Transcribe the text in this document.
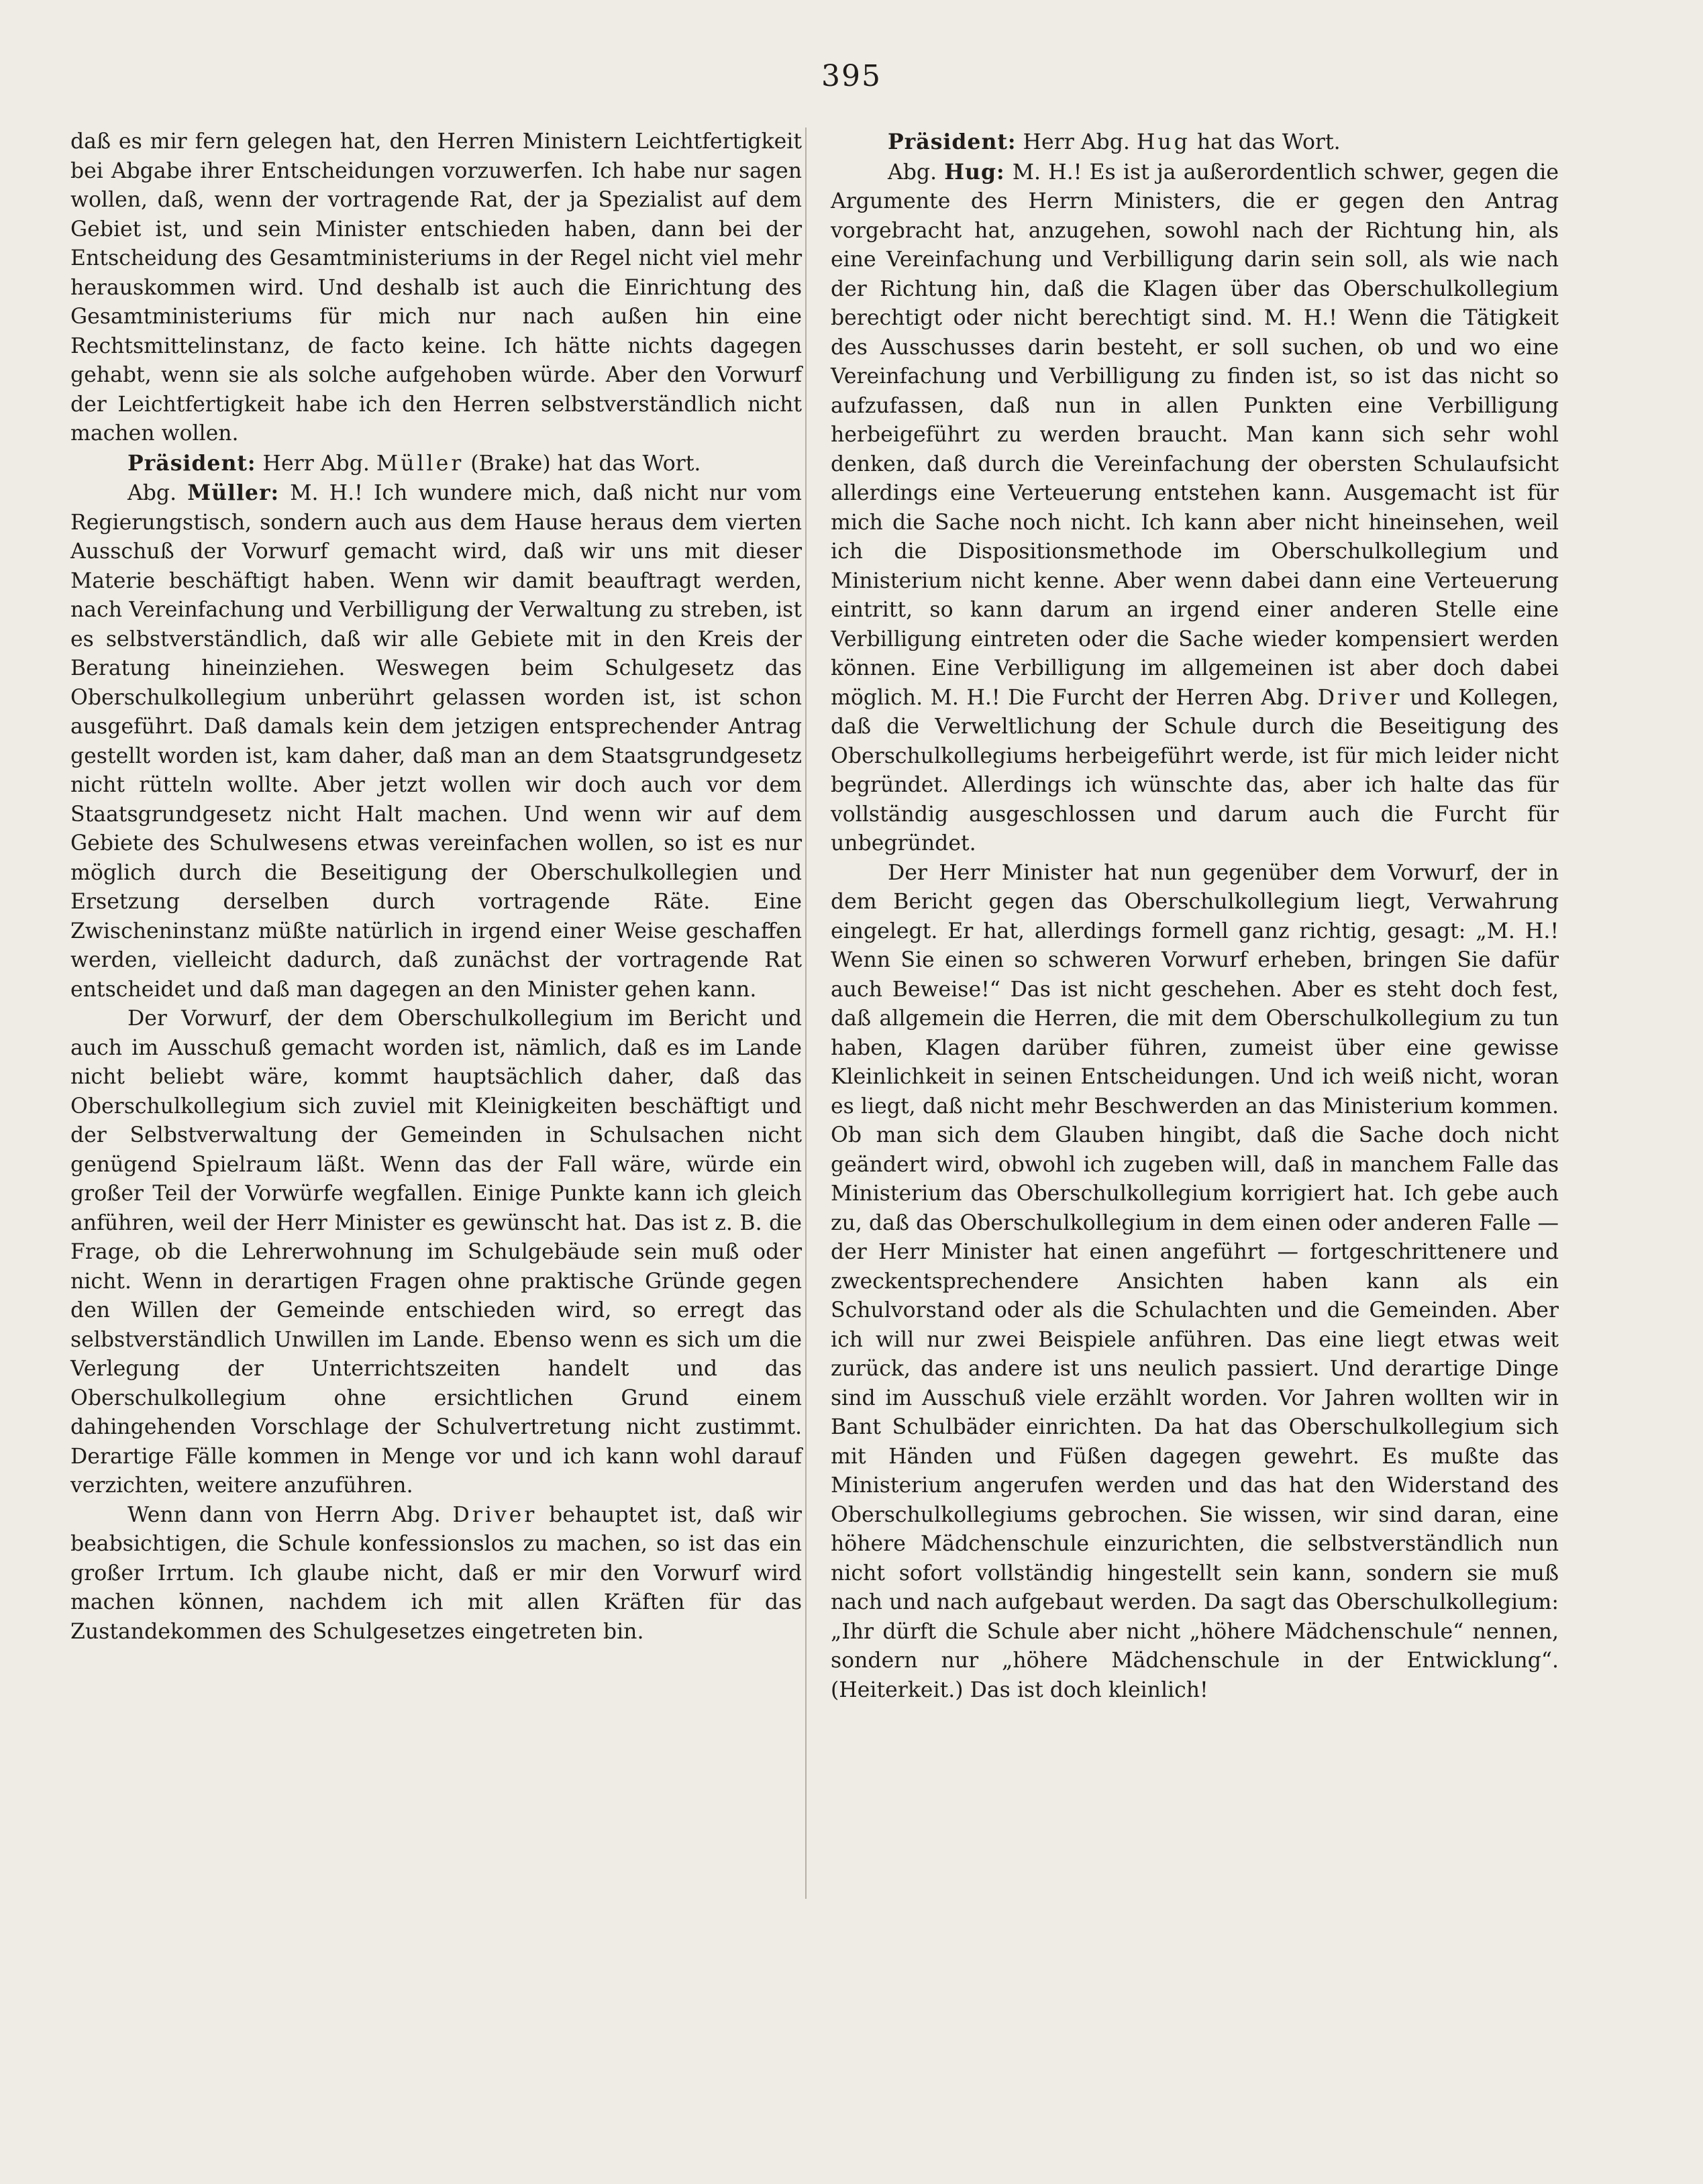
395

daß es mir fern gelegen hat, den Herren Ministern Leichtfertigkeit bei Abgabe ihrer Entscheidungen vorzuwerfen. Ich habe nur sagen wollen, daß, wenn der vortragende Rat, der ja Spezialist auf dem Gebiet ist, und sein Minister entschieden haben, dann bei der Entscheidung des Gesamtministeriums in der Regel nicht viel mehr herauskommen wird. Und deshalb ist auch die Einrichtung des Gesamtministeriums für mich nur nach außen hin eine Rechtsmittelinstanz, de facto keine. Ich hätte nichts dagegen gehabt, wenn sie als solche aufgehoben würde. Aber den Vorwurf der Leichtfertigkeit habe ich den Herren selbstverständlich nicht machen wollen.

Präsident: Herr Abg. Müller (Brake) hat das Wort.

Abg. Müller: M. H.! Ich wundere mich, daß nicht nur vom Regierungstisch, sondern auch aus dem Hause heraus dem vierten Ausschuß der Vorwurf gemacht wird, daß wir uns mit dieser Materie beschäftigt haben. Wenn wir damit beauftragt werden, nach Vereinfachung und Verbilligung der Verwaltung zu streben, ist es selbstverständlich, daß wir alle Gebiete mit in den Kreis der Beratung hineinziehen. Weswegen beim Schulgesetz das Oberschulkollegium unberührt gelassen worden ist, ist schon ausgeführt. Daß damals kein dem jetzigen entsprechender Antrag gestellt worden ist, kam daher, daß man an dem Staatsgrundgesetz nicht rütteln wollte. Aber jetzt wollen wir doch auch vor dem Staatsgrundgesetz nicht Halt machen. Und wenn wir auf dem Gebiete des Schulwesens etwas vereinfachen wollen, so ist es nur möglich durch die Beseitigung der Oberschulkollegien und Ersetzung derselben durch vortragende Räte. Eine Zwischeninstanz müßte natürlich in irgend einer Weise geschaffen werden, vielleicht dadurch, daß zunächst der vortragende Rat entscheidet und daß man dagegen an den Minister gehen kann.

Der Vorwurf, der dem Oberschulkollegium im Bericht und auch im Ausschuß gemacht worden ist, nämlich, daß es im Lande nicht beliebt wäre, kommt hauptsächlich daher, daß das Oberschulkollegium sich zuviel mit Kleinigkeiten beschäftigt und der Selbstverwaltung der Gemeinden in Schulsachen nicht genügend Spielraum läßt. Wenn das der Fall wäre, würde ein großer Teil der Vorwürfe wegfallen. Einige Punkte kann ich gleich anführen, weil der Herr Minister es gewünscht hat. Das ist z. B. die Frage, ob die Lehrerwohnung im Schulgebäude sein muß oder nicht. Wenn in derartigen Fragen ohne praktische Gründe gegen den Willen der Gemeinde entschieden wird, so erregt das selbstverständlich Unwillen im Lande. Ebenso wenn es sich um die Verlegung der Unterrichtszeiten handelt und das Oberschulkollegium ohne ersichtlichen Grund einem dahingehenden Vorschlage der Schulvertretung nicht zustimmt. Derartige Fälle kommen in Menge vor und ich kann wohl darauf verzichten, weitere anzuführen.

Wenn dann von Herrn Abg. Driver behauptet ist, daß wir beabsichtigen, die Schule konfessionslos zu machen, so ist das ein großer Irrtum. Ich glaube nicht, daß er mir den Vorwurf wird machen können, nachdem ich mit allen Kräften für das Zustandekommen des Schulgesetzes eingetreten bin.

Präsident: Herr Abg. Hug hat das Wort.

Abg. Hug: M. H.! Es ist ja außerordentlich schwer, gegen die Argumente des Herrn Ministers, die er gegen den Antrag vorgebracht hat, anzugehen, sowohl nach der Richtung hin, als eine Vereinfachung und Verbilligung darin sein soll, als wie nach der Richtung hin, daß die Klagen über das Oberschulkollegium berechtigt oder nicht berechtigt sind. M. H.! Wenn die Tätigkeit des Ausschusses darin besteht, er soll suchen, ob und wo eine Vereinfachung und Verbilligung zu finden ist, so ist das nicht so aufzufassen, daß nun in allen Punkten eine Verbilligung herbeigeführt zu werden braucht. Man kann sich sehr wohl denken, daß durch die Vereinfachung der obersten Schulaufsicht allerdings eine Verteuerung entstehen kann. Ausgemacht ist für mich die Sache noch nicht. Ich kann aber nicht hineinsehen, weil ich die Dispositionsmethode im Oberschulkollegium und Ministerium nicht kenne. Aber wenn dabei dann eine Verteuerung eintritt, so kann darum an irgend einer anderen Stelle eine Verbilligung eintreten oder die Sache wieder kompensiert werden können. Eine Verbilligung im allgemeinen ist aber doch dabei möglich. M. H.! Die Furcht der Herren Abg. Driver und Kollegen, daß die Verweltlichung der Schule durch die Beseitigung des Oberschulkollegiums herbeigeführt werde, ist für mich leider nicht begründet. Allerdings ich wünschte das, aber ich halte das für vollständig ausgeschlossen und darum auch die Furcht für unbegründet.

Der Herr Minister hat nun gegenüber dem Vorwurf, der in dem Bericht gegen das Oberschulkollegium liegt, Verwahrung eingelegt. Er hat, allerdings formell ganz richtig, gesagt: „M. H.! Wenn Sie einen so schweren Vorwurf erheben, bringen Sie dafür auch Beweise!“ Das ist nicht geschehen. Aber es steht doch fest, daß allgemein die Herren, die mit dem Oberschulkollegium zu tun haben, Klagen darüber führen, zumeist über eine gewisse Kleinlichkeit in seinen Entscheidungen. Und ich weiß nicht, woran es liegt, daß nicht mehr Beschwerden an das Ministerium kommen. Ob man sich dem Glauben hingibt, daß die Sache doch nicht geändert wird, obwohl ich zugeben will, daß in manchem Falle das Ministerium das Oberschulkollegium korrigiert hat. Ich gebe auch zu, daß das Oberschulkollegium in dem einen oder anderen Falle — der Herr Minister hat einen angeführt — fortgeschrittenere und zweckentsprechendere Ansichten haben kann als ein Schulvorstand oder als die Schulachten und die Gemeinden. Aber ich will nur zwei Beispiele anführen. Das eine liegt etwas weit zurück, das andere ist uns neulich passiert. Und derartige Dinge sind im Ausschuß viele erzählt worden. Vor Jahren wollten wir in Bant Schulbäder einrichten. Da hat das Oberschulkollegium sich mit Händen und Füßen dagegen gewehrt. Es mußte das Ministerium angerufen werden und das hat den Widerstand des Oberschulkollegiums gebrochen. Sie wissen, wir sind daran, eine höhere Mädchenschule einzurichten, die selbstverständlich nun nicht sofort vollständig hingestellt sein kann, sondern sie muß nach und nach aufgebaut werden. Da sagt das Oberschulkollegium: „Ihr dürft die Schule aber nicht „höhere Mädchenschule“ nennen, sondern nur „höhere Mädchenschule in der Entwicklung“. (Heiterkeit.) Das ist doch kleinlich!
